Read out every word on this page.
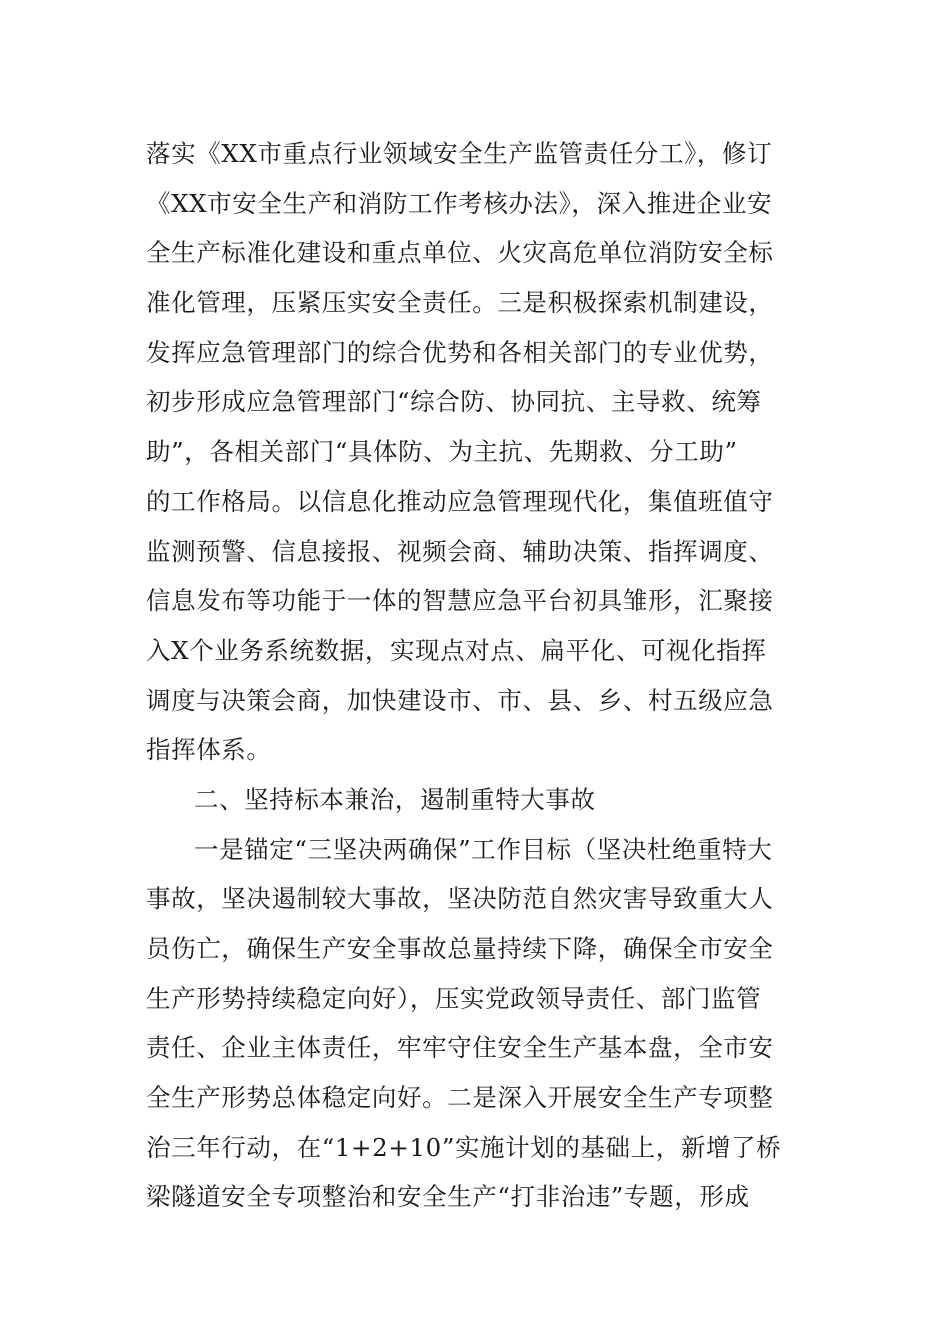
落实《XX市重点行业领域安全生产监管责任分工》，修订
《XX市安全生产和消防工作考核办法》，深入推进企业安
全生产标准化建设和重点单位、火灾高危单位消防安全标
准化管理，压紧压实安全责任。三是积极探索机制建设，
发挥应急管理部门的综合优势和各相关部门的专业优势，
初步形成应急管理部门“综合防、协同抗、主导救、统筹
助”，各相关部门“具体防、为主抗、先期救、分工助”
的工作格局。以信息化推动应急管理现代化，集值班值守
监测预警、信息接报、视频会商、辅助决策、指挥调度、
信息发布等功能于一体的智慧应急平台初具雏形，汇聚接
入X个业务系统数据，实现点对点、扁平化、可视化指挥
调度与决策会商，加快建设市、市、县、乡、村五级应急
指挥体系。
二、坚持标本兼治，遏制重特大事故
一是锚定“三坚决两确保”工作目标（坚决杜绝重特大
事故，坚决遏制较大事故，坚决防范自然灾害导致重大人
员伤亡，确保生产安全事故总量持续下降，确保全市安全
生产形势持续稳定向好），压实党政领导责任、部门监管
责任、企业主体责任，牢牢守住安全生产基本盘，全市安
全生产形势总体稳定向好。二是深入开展安全生产专项整
治三年行动，在“1+2+10”实施计划的基础上，新增了桥
梁隧道安全专项整治和安全生产“打非治违”专题，形成
